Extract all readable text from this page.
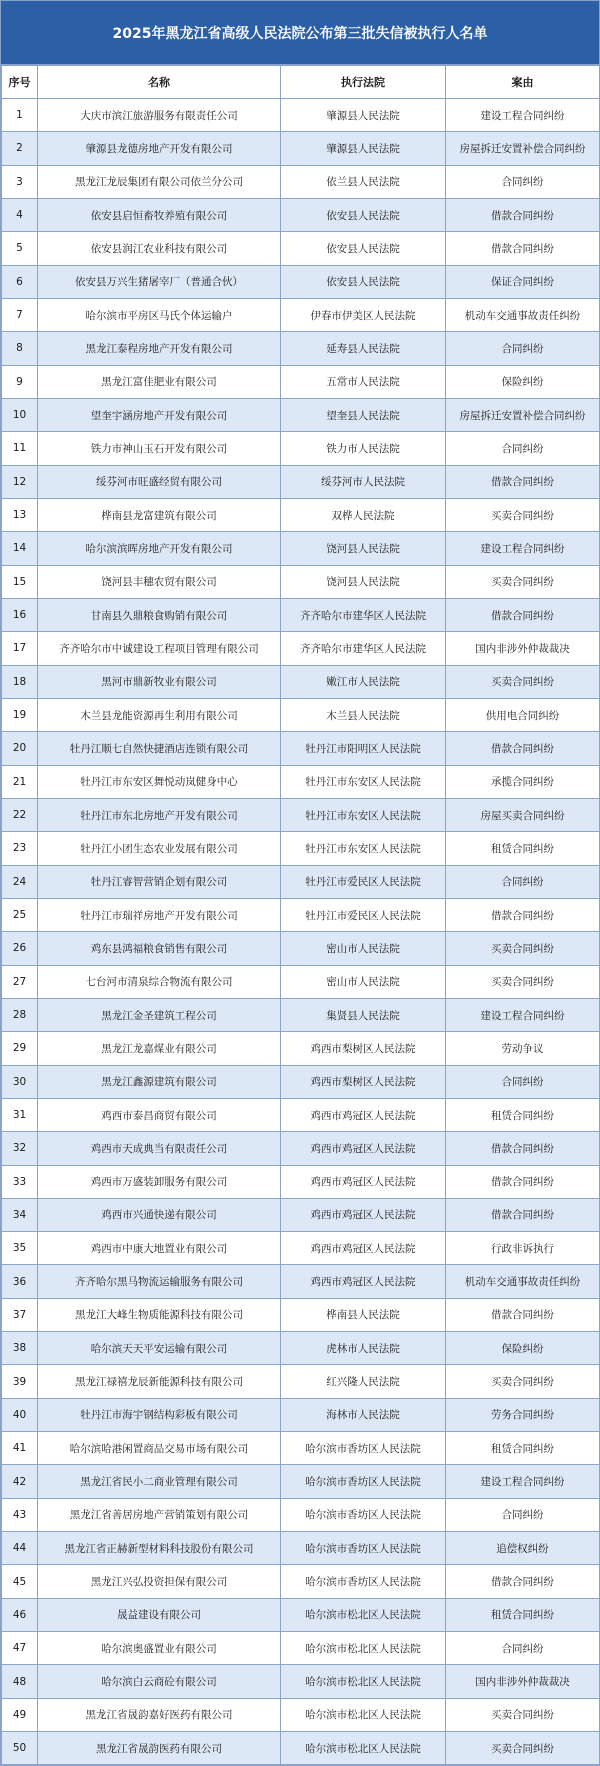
2025年黑龙江省高级人民法院公布第三批失信被执行人名单
序号	名称	执行法院	案由
1	大庆市滨江旅游服务有限责任公司	肇源县人民法院	建设工程合同纠纷
2	肇源县龙德房地产开发有限公司	肇源县人民法院	房屋拆迁安置补偿合同纠纷
3	黑龙江龙辰集团有限公司依兰分公司	依兰县人民法院	合同纠纷
4	依安县启恒畜牧养殖有限公司	依安县人民法院	借款合同纠纷
5	依安县润江农业科技有限公司	依安县人民法院	借款合同纠纷
6	依安县万兴生猪屠宰厂（普通合伙）	依安县人民法院	保证合同纠纷
7	哈尔滨市平房区马氏个体运输户	伊春市伊美区人民法院	机动车交通事故责任纠纷
8	黑龙江泰程房地产开发有限公司	延寿县人民法院	合同纠纷
9	黑龙江富佳肥业有限公司	五常市人民法院	保险纠纷
10	望奎宇涵房地产开发有限公司	望奎县人民法院	房屋拆迁安置补偿合同纠纷
11	铁力市神山玉石开发有限公司	铁力市人民法院	合同纠纷
12	绥芬河市旺盛经贸有限公司	绥芬河市人民法院	借款合同纠纷
13	桦南县龙富建筑有限公司	双桦人民法院	买卖合同纠纷
14	哈尔滨滨晖房地产开发有限公司	饶河县人民法院	建设工程合同纠纷
15	饶河县丰穗农贸有限公司	饶河县人民法院	买卖合同纠纷
16	甘南县久鼎粮食购销有限公司	齐齐哈尔市建华区人民法院	借款合同纠纷
17	齐齐哈尔市中诚建设工程项目管理有限公司	齐齐哈尔市建华区人民法院	国内非涉外仲裁裁决
18	黑河市鼎新牧业有限公司	嫩江市人民法院	买卖合同纠纷
19	木兰县龙能资源再生利用有限公司	木兰县人民法院	供用电合同纠纷
20	牡丹江顺七自然快捷酒店连锁有限公司	牡丹江市阳明区人民法院	借款合同纠纷
21	牡丹江市东安区舞悦动岚健身中心	牡丹江市东安区人民法院	承揽合同纠纷
22	牡丹江市东北房地产开发有限公司	牡丹江市东安区人民法院	房屋买卖合同纠纷
23	牡丹江小团生态农业发展有限公司	牡丹江市东安区人民法院	租赁合同纠纷
24	牡丹江睿智营销企划有限公司	牡丹江市爱民区人民法院	合同纠纷
25	牡丹江市瑞祥房地产开发有限公司	牡丹江市爱民区人民法院	借款合同纠纷
26	鸡东县鸿福粮食销售有限公司	密山市人民法院	买卖合同纠纷
27	七台河市清泉综合物流有限公司	密山市人民法院	买卖合同纠纷
28	黑龙江金圣建筑工程公司	集贤县人民法院	建设工程合同纠纷
29	黑龙江龙嘉煤业有限公司	鸡西市梨树区人民法院	劳动争议
30	黑龙江鑫源建筑有限公司	鸡西市梨树区人民法院	合同纠纷
31	鸡西市泰昌商贸有限公司	鸡西市鸡冠区人民法院	租赁合同纠纷
32	鸡西市天成典当有限责任公司	鸡西市鸡冠区人民法院	借款合同纠纷
33	鸡西市万盛装卸服务有限公司	鸡西市鸡冠区人民法院	借款合同纠纷
34	鸡西市兴通快递有限公司	鸡西市鸡冠区人民法院	借款合同纠纷
35	鸡西市中康大地置业有限公司	鸡西市鸡冠区人民法院	行政非诉执行
36	齐齐哈尔黑马物流运输服务有限公司	鸡西市鸡冠区人民法院	机动车交通事故责任纠纷
37	黑龙江大峰生物质能源科技有限公司	桦南县人民法院	借款合同纠纷
38	哈尔滨天天平安运输有限公司	虎林市人民法院	保险纠纷
39	黑龙江禄禧龙辰新能源科技有限公司	红兴隆人民法院	买卖合同纠纷
40	牡丹江市海宇钢结构彩板有限公司	海林市人民法院	劳务合同纠纷
41	哈尔滨哈港闲置商品交易市场有限公司	哈尔滨市香坊区人民法院	租赁合同纠纷
42	黑龙江省民小二商业管理有限公司	哈尔滨市香坊区人民法院	建设工程合同纠纷
43	黑龙江省善居房地产营销策划有限公司	哈尔滨市香坊区人民法院	合同纠纷
44	黑龙江省正赫新型材料科技股份有限公司	哈尔滨市香坊区人民法院	追偿权纠纷
45	黑龙江兴弘投资担保有限公司	哈尔滨市香坊区人民法院	借款合同纠纷
46	晟益建设有限公司	哈尔滨市松北区人民法院	租赁合同纠纷
47	哈尔滨奥盛置业有限公司	哈尔滨市松北区人民法院	合同纠纷
48	哈尔滨白云商砼有限公司	哈尔滨市松北区人民法院	国内非涉外仲裁裁决
49	黑龙江省晟韵嘉好医药有限公司	哈尔滨市松北区人民法院	买卖合同纠纷
50	黑龙江省晟韵医药有限公司	哈尔滨市松北区人民法院	买卖合同纠纷
